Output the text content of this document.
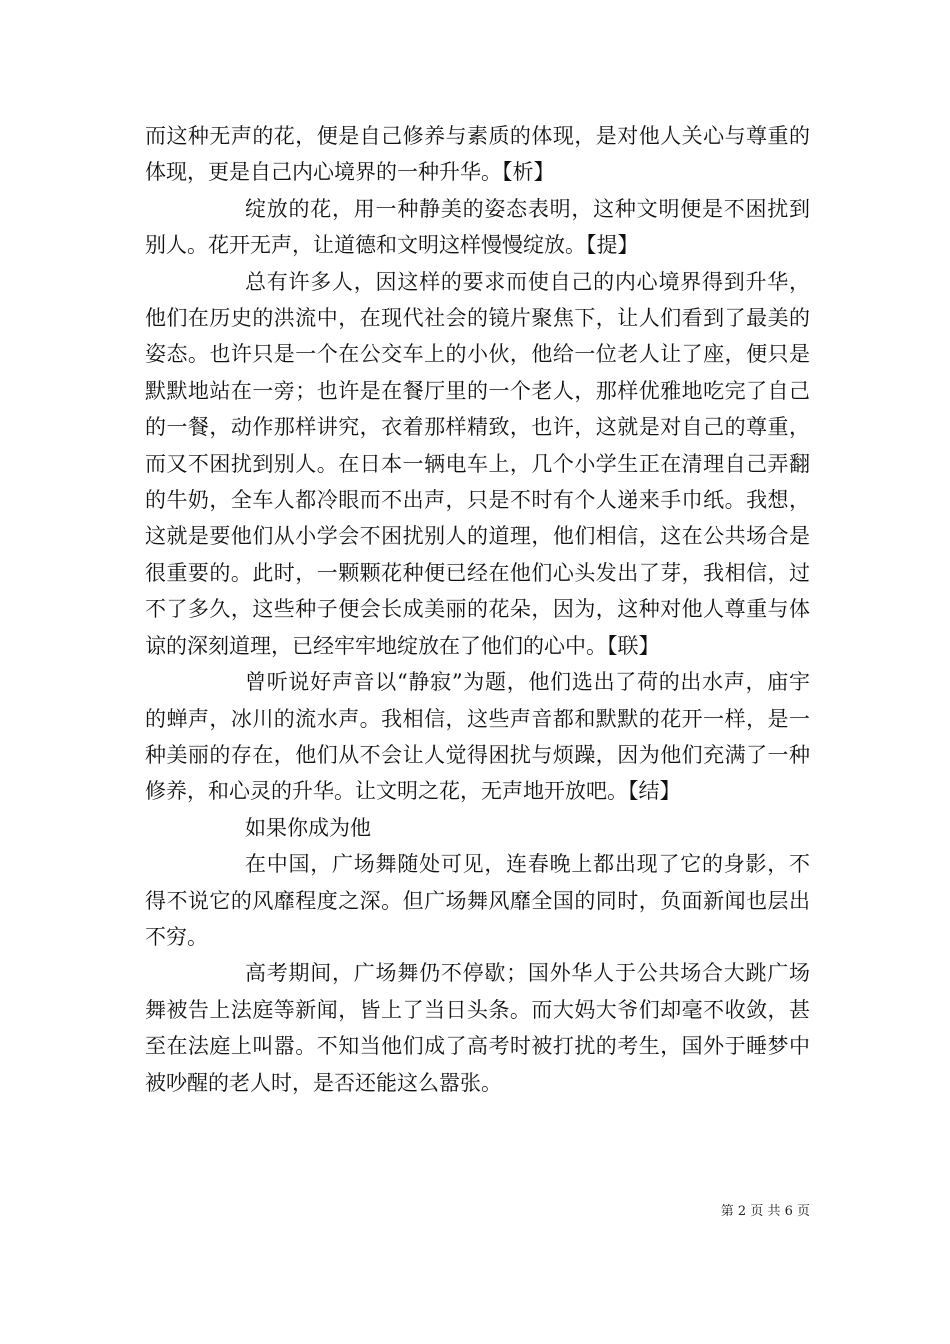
而这种无声的花，便是自己修养与素质的体现，是对他人关心与尊重的体现，更是自己内心境界的一种升华。【析】

绽放的花，用一种静美的姿态表明，这种文明便是不困扰到别人。花开无声，让道德和文明这样慢慢绽放。【提】

总有许多人，因这样的要求而使自己的内心境界得到升华，他们在历史的洪流中，在现代社会的镜片聚焦下，让人们看到了最美的姿态。也许只是一个在公交车上的小伙，他给一位老人让了座，便只是默默地站在一旁；也许是在餐厅里的一个老人，那样优雅地吃完了自己的一餐，动作那样讲究，衣着那样精致，也许，这就是对自己的尊重，而又不困扰到别人。在日本一辆电车上，几个小学生正在清理自己弄翻的牛奶，全车人都冷眼而不出声，只是不时有个人递来手巾纸。我想，这就是要他们从小学会不困扰别人的道理，他们相信，这在公共场合是很重要的。此时，一颗颗花种便已经在他们心头发出了芽，我相信，过不了多久，这些种子便会长成美丽的花朵，因为，这种对他人尊重与体谅的深刻道理，已经牢牢地绽放在了他们的心中。【联】

曾听说好声音以“静寂”为题，他们选出了荷的出水声，庙宇的蝉声，冰川的流水声。我相信，这些声音都和默默的花开一样，是一种美丽的存在，他们从不会让人觉得困扰与烦躁，因为他们充满了一种修养，和心灵的升华。让文明之花，无声地开放吧。【结】

如果你成为他

在中国，广场舞随处可见，连春晚上都出现了它的身影，不得不说它的风靡程度之深。但广场舞风靡全国的同时，负面新闻也层出不穷。

高考期间，广场舞仍不停歇；国外华人于公共场合大跳广场舞被告上法庭等新闻，皆上了当日头条。而大妈大爷们却毫不收敛，甚至在法庭上叫嚣。不知当他们成了高考时被打扰的考生，国外于睡梦中被吵醒的老人时，是否还能这么嚣张。

第 2 页 共 6 页
